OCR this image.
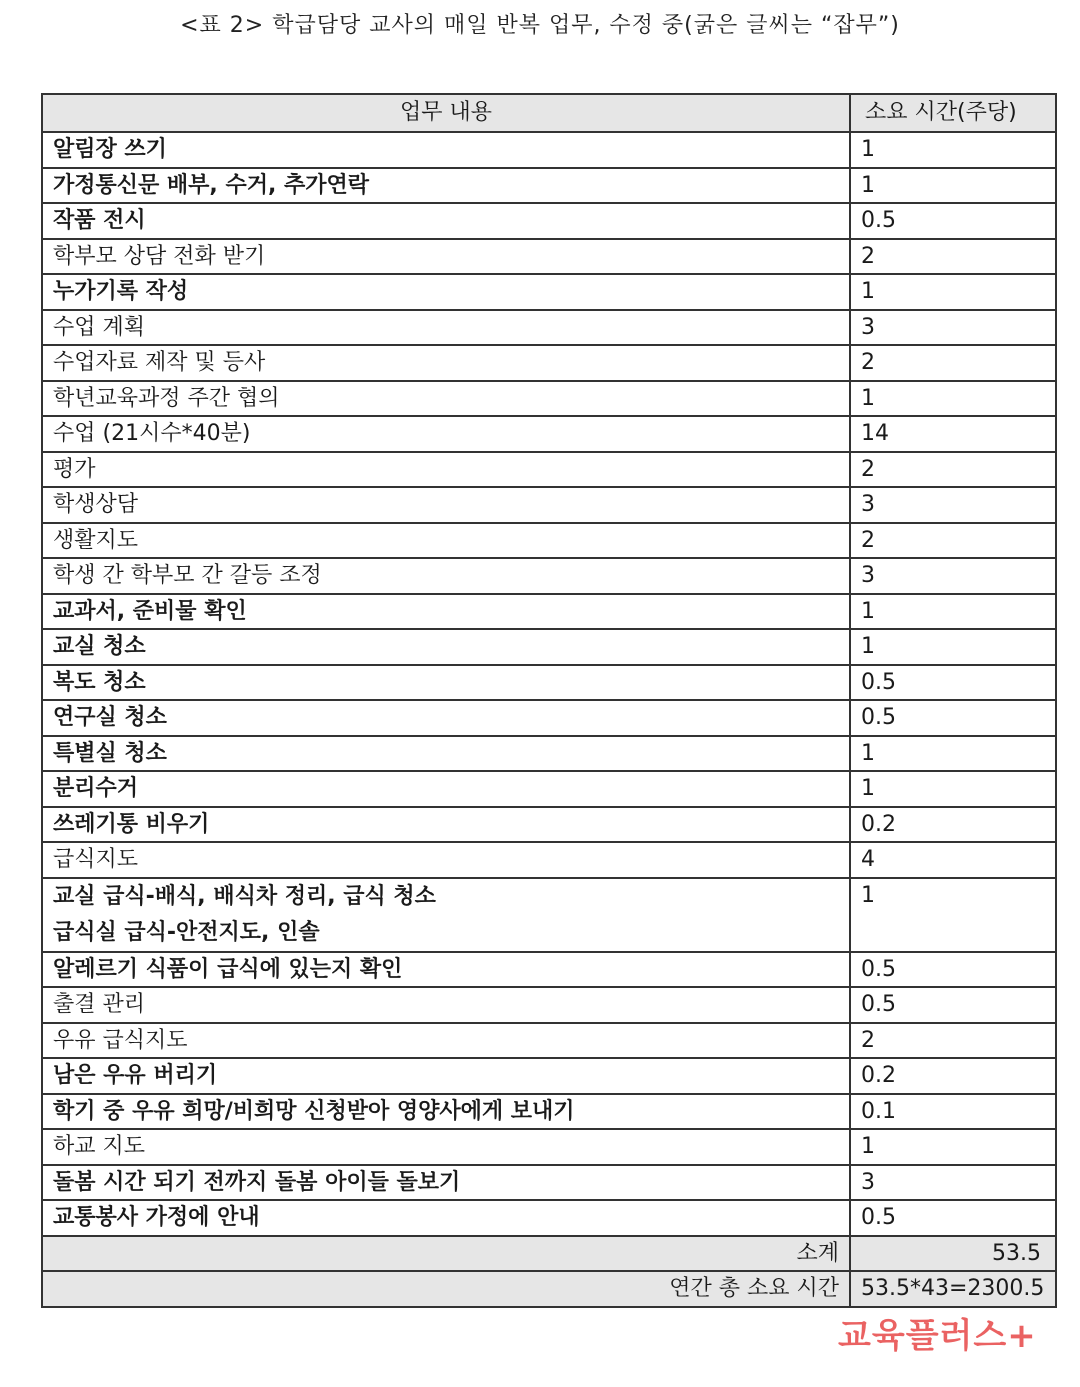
<표 2> 학급담당 교사의 매일 반복 업무, 수정 중(굵은 글씨는 “잡무”)
업무 내용	소요 시간(주당)
알림장 쓰기	1
가정통신문 배부, 수거, 추가연락	1
작품 전시	0.5
학부모 상담 전화 받기	2
누가기록 작성	1
수업 계획	3
수업자료 제작 및 등사	2
학년교육과정 주간 협의	1
수업 (21시수*40분)	14
평가	2
학생상담	3
생활지도	2
학생 간 학부모 간 갈등 조정	3
교과서, 준비물 확인	1
교실 청소	1
복도 청소	0.5
연구실 청소	0.5
특별실 청소	1
분리수거	1
쓰레기통 비우기	0.2
급식지도	4

교실 급식-배식, 배식차 정리, 급식 청소
급식실 급식-안전지도, 인솔	1
알레르기 식품이 급식에 있는지 확인	0.5
출결 관리	0.5
우유 급식지도	2
남은 우유 버리기	0.2
학기 중 우유 희망/비희망 신청받아 영양사에게 보내기	0.1
하교 지도	1
돌봄 시간 되기 전까지 돌봄 아이들 돌보기	3
교통봉사 가정에 안내	0.5
소계	53.5
연간 총 소요 시간	53.5*43=2300.5
교육플러스+
